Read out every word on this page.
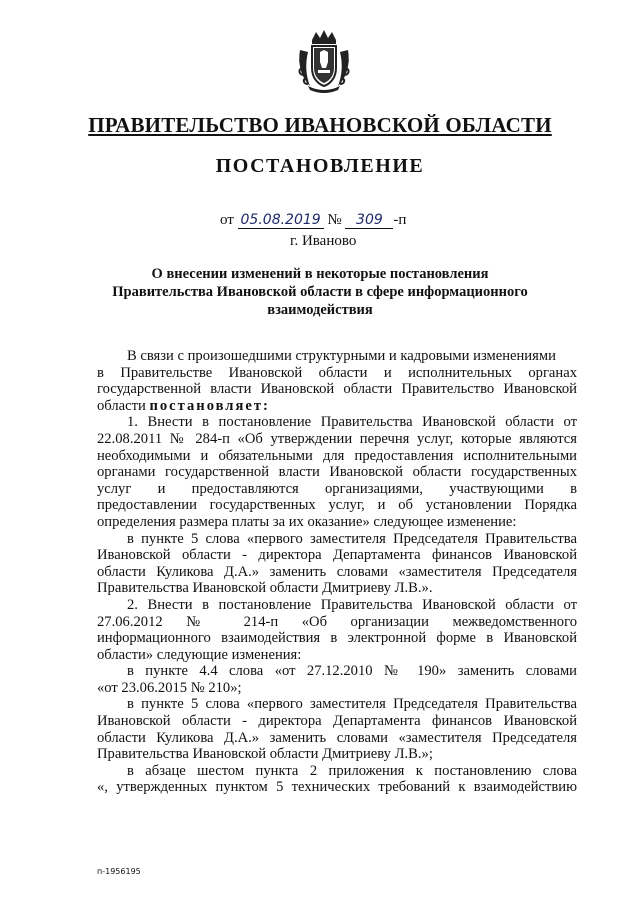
ПРАВИТЕЛЬСТВО ИВАНОВСКОЙ ОБЛАСТИ
ПОСТАНОВЛЕНИЕ
от 05.08.2019 № 309 -п
г. Иваново
О внесении изменений в некоторые постановления
Правительства Ивановской области в сфере информационного
взаимодействия
В связи с произошедшими структурными и кадровыми изменениями
в Правительстве Ивановской области и исполнительных органах
государственной власти Ивановской области Правительство Ивановской
области постановляет:
1. Внести в постановление Правительства Ивановской области от
22.08.2011 № 284-п «Об утверждении перечня услуг, которые являются
необходимыми и обязательными для предоставления исполнительными
органами государственной власти Ивановской области государственных
услуг и предоставляются организациями, участвующими в
предоставлении государственных услуг, и об установлении Порядка
определения размера платы за их оказание» следующее изменение:
в пункте 5 слова «первого заместителя Председателя Правительства
Ивановской области - директора Департамента финансов Ивановской
области Куликова Д.А.» заменить словами «заместителя Председателя
Правительства Ивановской области Дмитриеву Л.В.».
2. Внести в постановление Правительства Ивановской области от
27.06.2012 № 214-п «Об организации межведомственного
информационного взаимодействия в электронной форме в Ивановской
области» следующие изменения:
в пункте 4.4 слова «от 27.12.2010 № 190» заменить словами
«от 23.06.2015 № 210»;
в пункте 5 слова «первого заместителя Председателя Правительства
Ивановской области - директора Департамента финансов Ивановской
области Куликова Д.А.» заменить словами «заместителя Председателя
Правительства Ивановской области Дмитриеву Л.В.»;
в абзаце шестом пункта 2 приложения к постановлению слова
«, утвержденных пунктом 5 технических требований к взаимодействию
п-1956195
